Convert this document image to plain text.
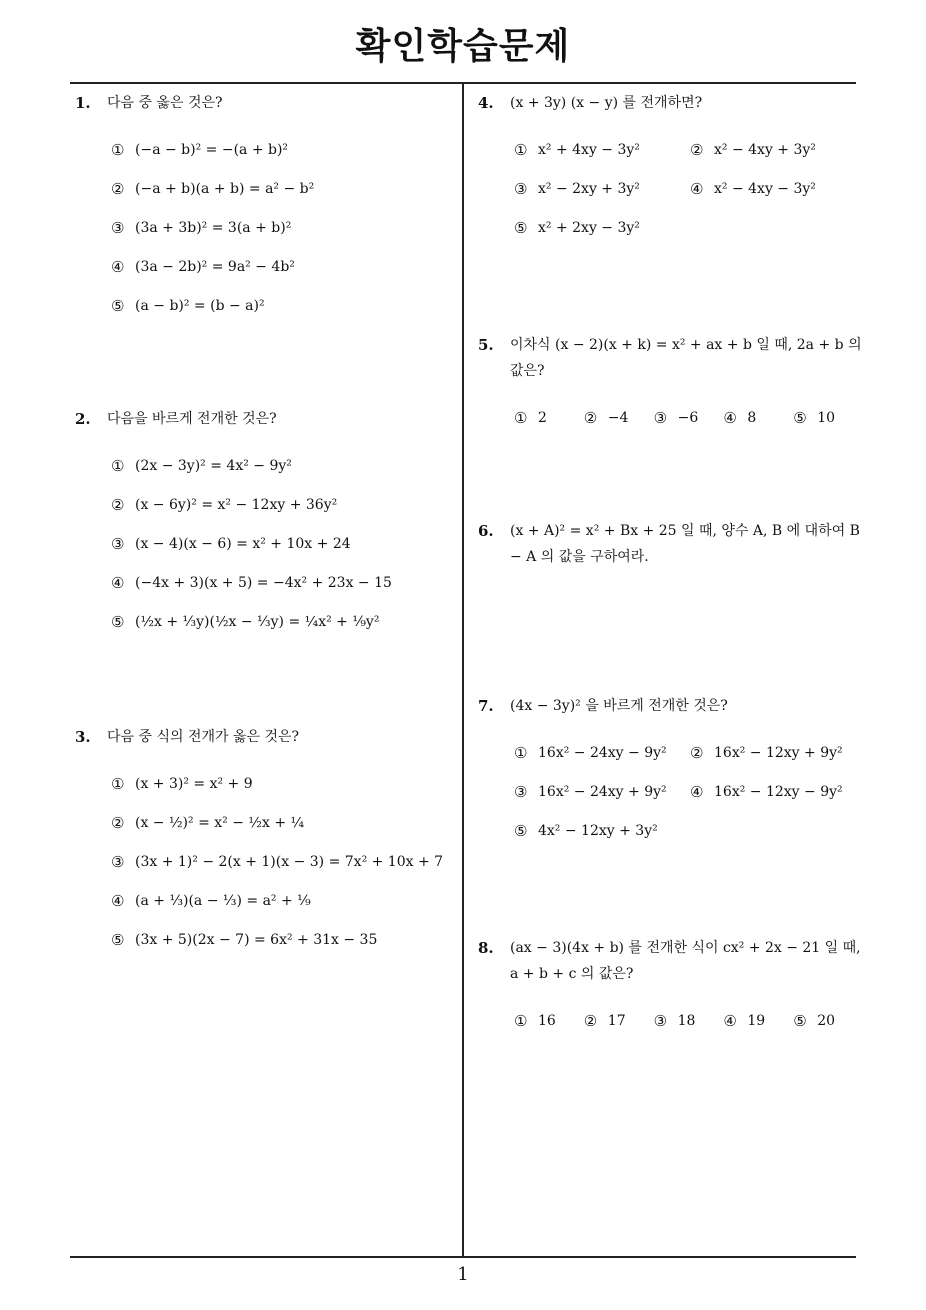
확인학습문제
1.	다음 중 옳은 것은?
① (−a − b)² = −(a + b)²
② (−a + b)(a + b) = a² − b²
③ (3a + 3b)² = 3(a + b)²
④ (3a − 2b)² = 9a² − 4b²
⑤ (a − b)² = (b − a)²
2.	다음을 바르게 전개한 것은?
① (2x − 3y)² = 4x² − 9y²
② (x − 6y)² = x² − 12xy + 36y²
③ (x − 4)(x − 6) = x² + 10x + 24
④ (−4x + 3)(x + 5) = −4x² + 23x − 15
⑤ (½x + ⅓y)(½x − ⅓y) = ¼x² + ⅑y²
3.	다음 중 식의 전개가 옳은 것은?
① (x + 3)² = x² + 9
② (x − ½)² = x² − ½x + ¼
③ (3x + 1)² − 2(x + 1)(x − 3) = 7x² + 10x + 7
④ (a + ⅓)(a − ⅓) = a² + ⅑
⑤ (3x + 5)(2x − 7) = 6x² + 31x − 35
4.	(x + 3y) (x − y) 를 전개하면?
① x² + 4xy − 3y²	② x² − 4xy + 3y²
③ x² − 2xy + 3y²	④ x² − 4xy − 3y²
⑤ x² + 2xy − 3y²
5.	이차식 (x − 2)(x + k) = x² + ax + b 일 때, 2a + b 의 값은?
① 2 ② −4 ③ −6 ④ 8 ⑤ 10
6.	(x + A)² = x² + Bx + 25 일 때, 양수 A, B 에 대하여 B − A 의 값을 구하여라.
7.	(4x − 3y)² 을 바르게 전개한 것은?
① 16x² − 24xy − 9y² ② 16x² − 12xy + 9y²
③ 16x² − 24xy + 9y² ④ 16x² − 12xy − 9y²
⑤ 4x² − 12xy + 3y²
8.	(ax − 3)(4x + b) 를 전개한 식이 cx² + 2x − 21 일 때, a + b + c 의 값은?
① 16 ② 17 ③ 18 ④ 19 ⑤ 20
1
